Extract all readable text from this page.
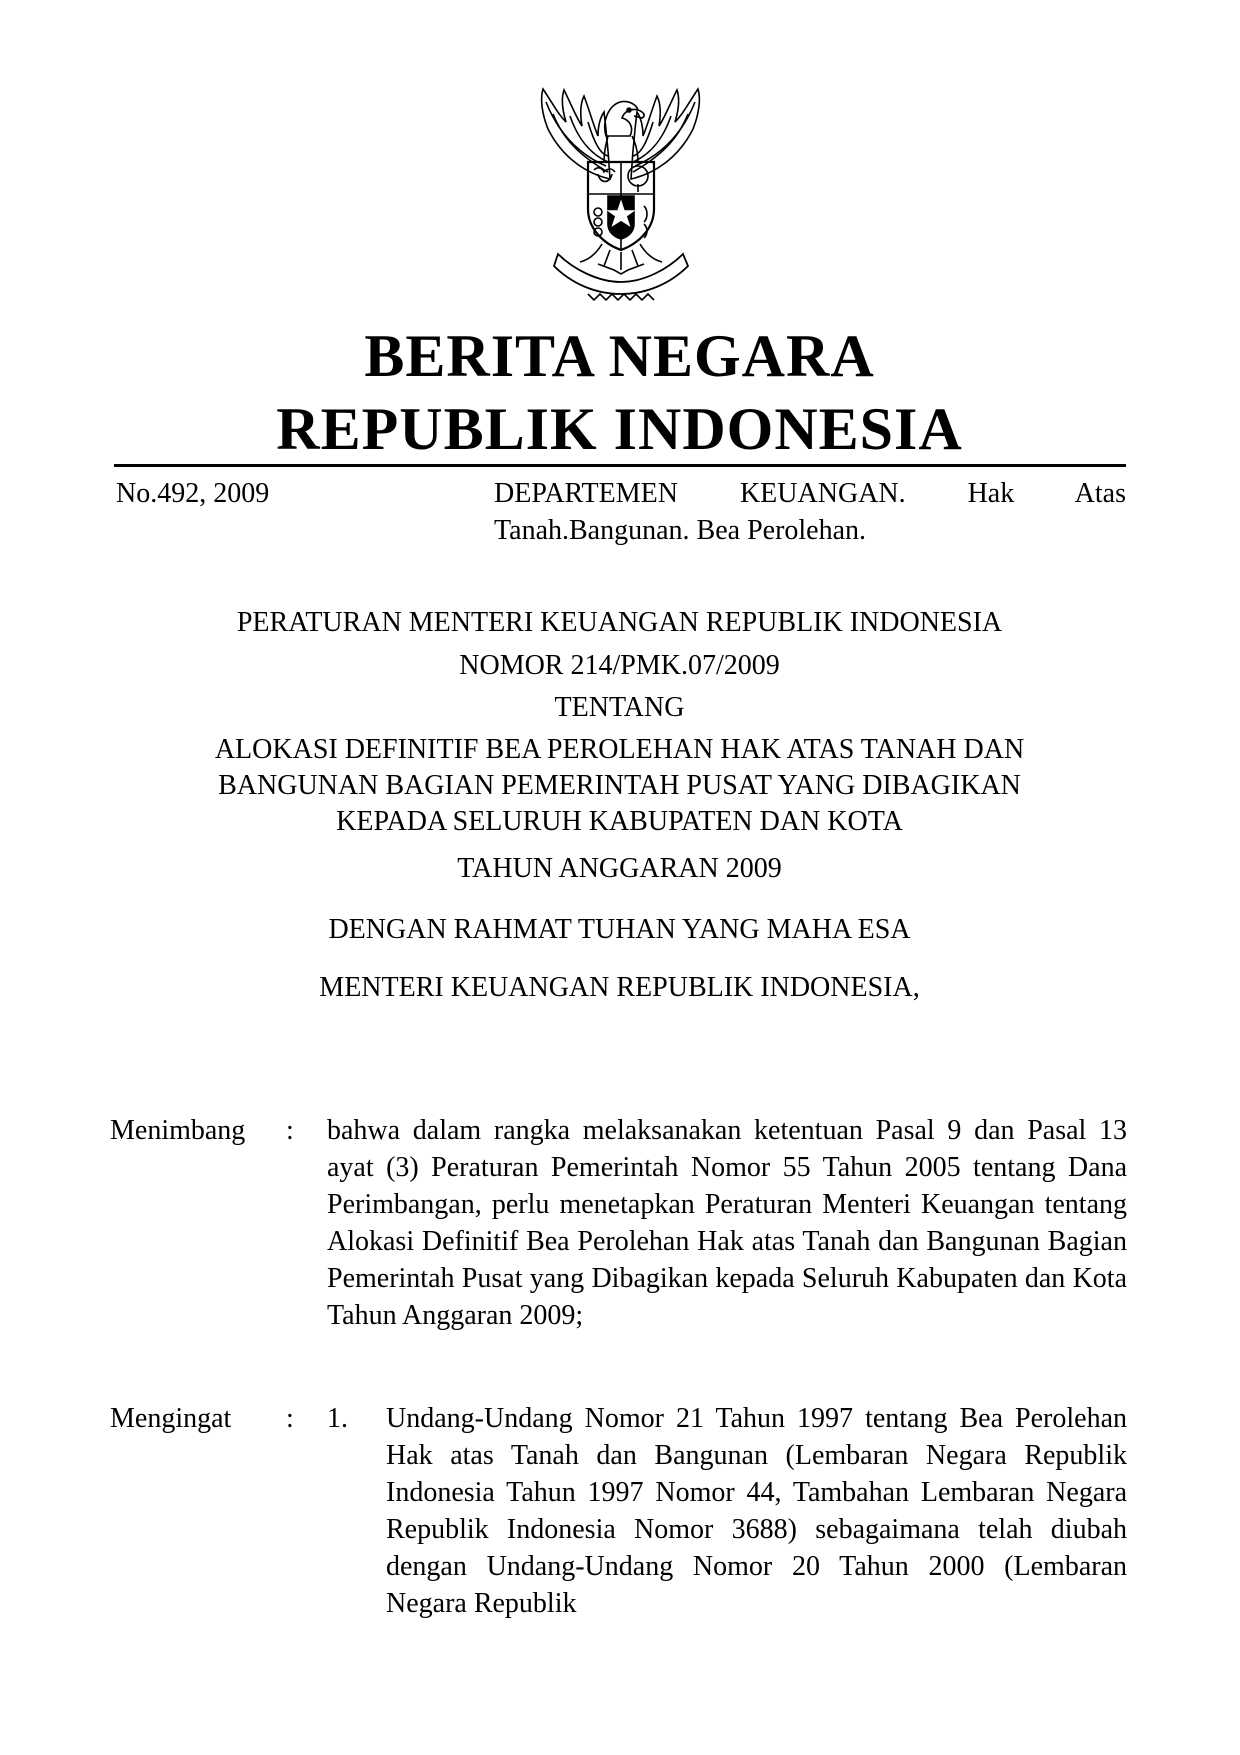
BERITA NEGARA
REPUBLIK INDONESIA
No.492, 2009	DEPARTEMEN KEUANGAN. Hak Atas
Tanah.Bangunan. Bea Perolehan.
PERATURAN MENTERI KEUANGAN REPUBLIK INDONESIA
NOMOR 214/PMK.07/2009
TENTANG
ALOKASI DEFINITIF BEA PEROLEHAN HAK ATAS TANAH DAN
BANGUNAN BAGIAN PEMERINTAH PUSAT YANG DIBAGIKAN
KEPADA SELURUH KABUPATEN DAN KOTA
TAHUN ANGGARAN 2009
DENGAN RAHMAT TUHAN YANG MAHA ESA
MENTERI KEUANGAN REPUBLIK INDONESIA,
Menimbang : bahwa dalam rangka melaksanakan ketentuan Pasal 9 dan Pasal 13 ayat (3) Peraturan Pemerintah Nomor 55 Tahun 2005 tentang Dana Perimbangan, perlu menetapkan Peraturan Menteri Keuangan tentang Alokasi Definitif Bea Perolehan Hak atas Tanah dan Bangunan Bagian Pemerintah Pusat yang Dibagikan kepada Seluruh Kabupaten dan Kota Tahun Anggaran 2009;
Mengingat : 1. Undang-Undang Nomor 21 Tahun 1997 tentang Bea Perolehan Hak atas Tanah dan Bangunan (Lembaran Negara Republik Indonesia Tahun 1997 Nomor 44, Tambahan Lembaran Negara Republik Indonesia Nomor 3688) sebagaimana telah diubah dengan Undang-Undang Nomor 20 Tahun 2000 (Lembaran Negara Republik
